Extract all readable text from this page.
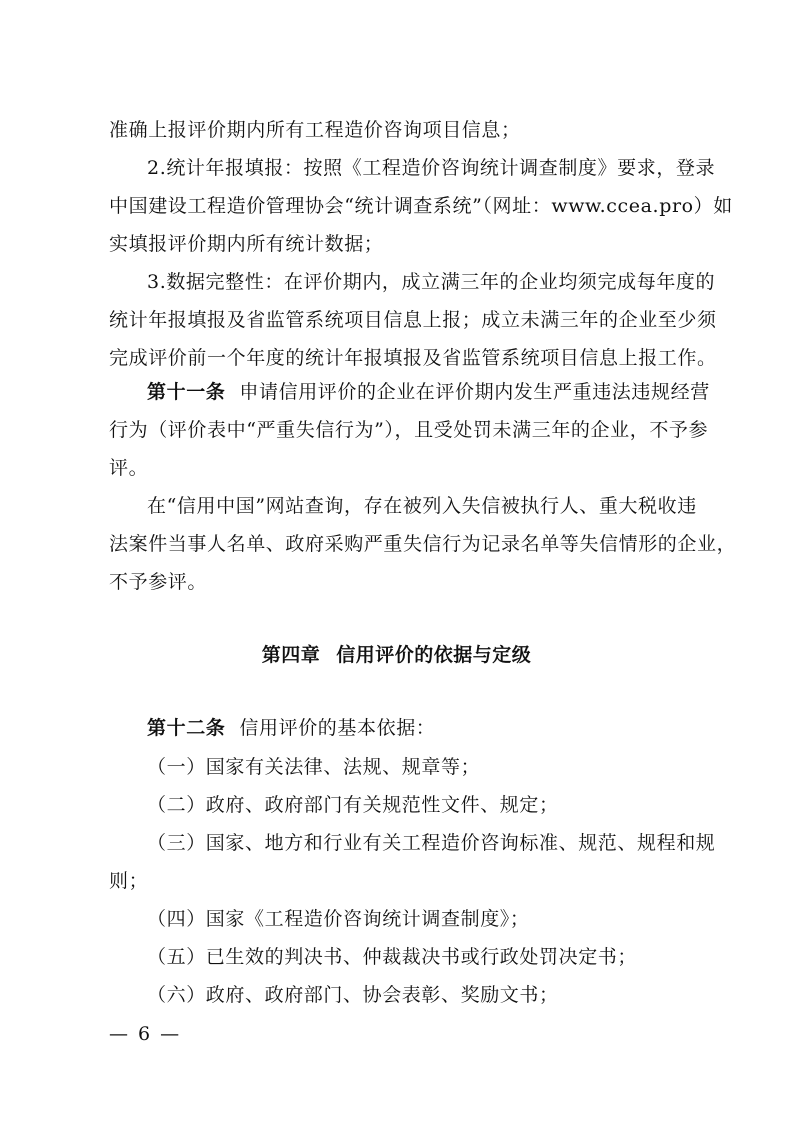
准确上报评价期内所有工程造价咨询项目信息；
2.统计年报填报：按照《工程造价咨询统计调查制度》要求，登录
中国建设工程造价管理协会“统计调查系统”（网址：www.ccea.pro）如
实填报评价期内所有统计数据；
3.数据完整性：在评价期内，成立满三年的企业均须完成每年度的
统计年报填报及省监管系统项目信息上报；成立未满三年的企业至少须
完成评价前一个年度的统计年报填报及省监管系统项目信息上报工作。
第十一条 申请信用评价的企业在评价期内发生严重违法违规经营
行为（评价表中“严重失信行为”），且受处罚未满三年的企业，不予参
评。
在“信用中国”网站查询，存在被列入失信被执行人、重大税收违
法案件当事人名单、政府采购严重失信行为记录名单等失信情形的企业，
不予参评。
第四章 信用评价的依据与定级
第十二条 信用评价的基本依据：
（一）国家有关法律、法规、规章等；
（二）政府、政府部门有关规范性文件、规定；
（三）国家、地方和行业有关工程造价咨询标准、规范、规程和规
则；
（四）国家《工程造价咨询统计调查制度》；
（五）已生效的判决书、仲裁裁决书或行政处罚决定书；
（六）政府、政府部门、协会表彰、奖励文书；
— 6 —
